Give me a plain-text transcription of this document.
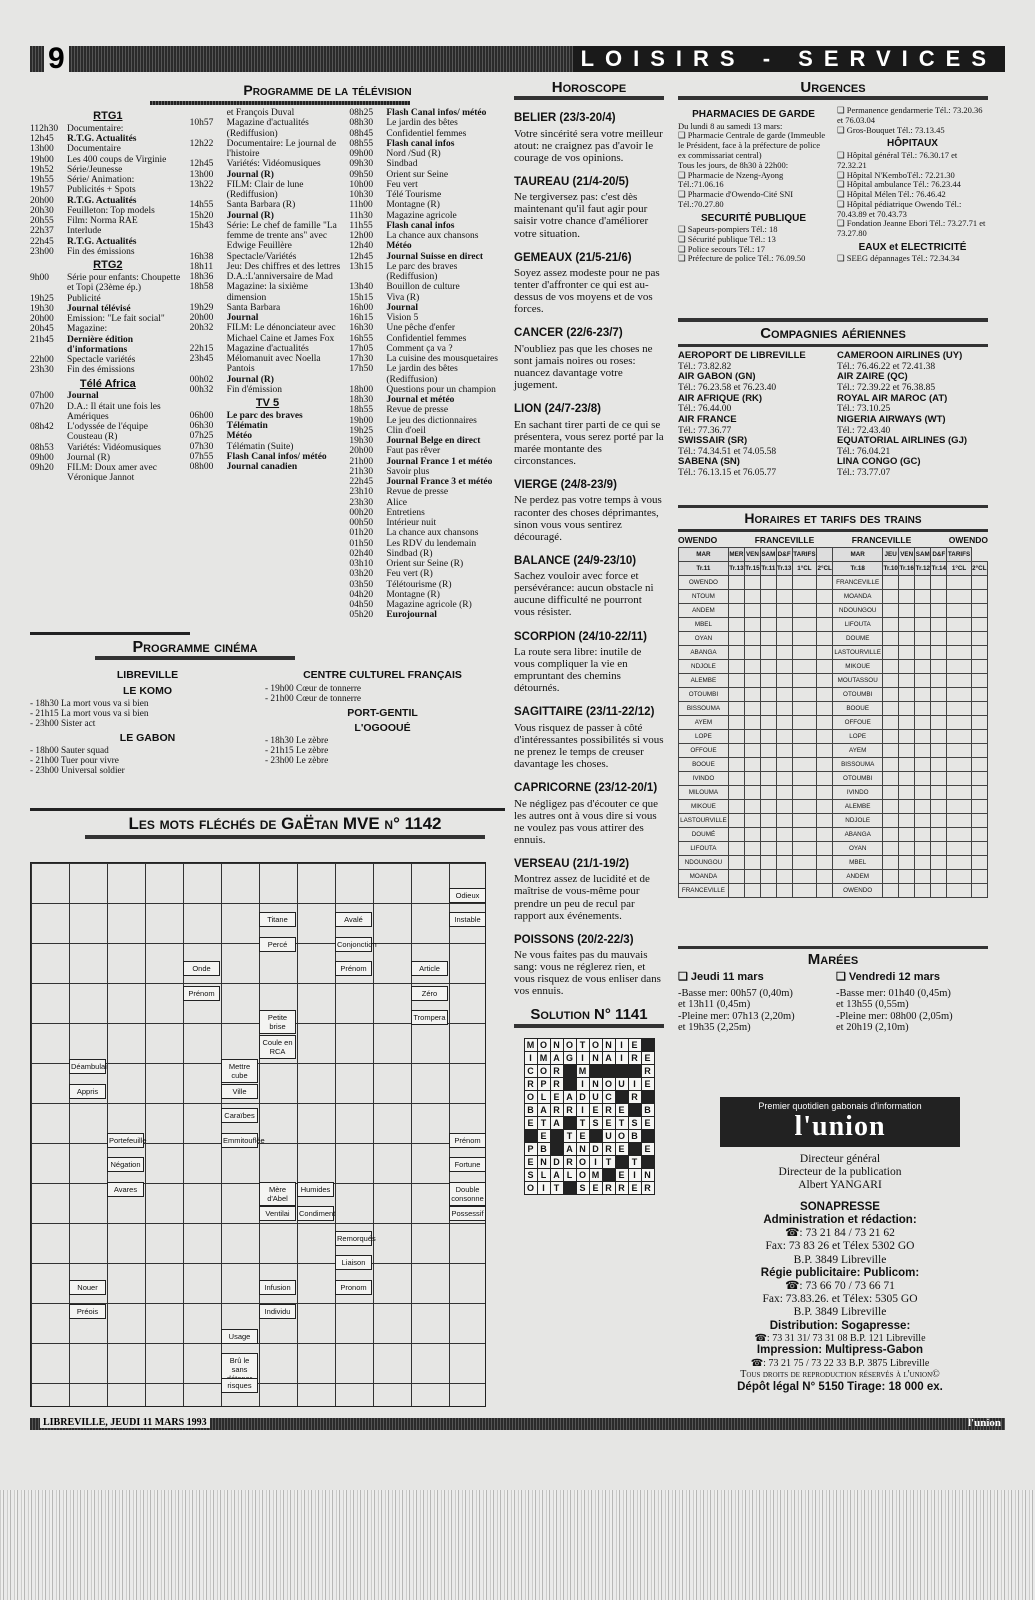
LOISIRS - SERVICES
9
Programme de la télévision
RTG1
112h30 Documentaire:
12h45	R.T.G. Actualités
13h00	Documentaire
19h00	Les 400 coups de Virginie
19h52	Série/Jeunesse
19h55	Série/ Animation:
19h57	Publicités + Spots
20h00	R.T.G. Actualités
20h30	Feuilleton: Top models
20h55	Film: Norma RAE
22h37	Interlude
22h45	R.T.G. Actualités
23h00	Fin des émissions
RTG2
9h00	Série pour enfants: Choupette et Topi (23ème ép.)
19h25	Publicité
19h30	Journal télévisé
20h00	Emission: "Le fait social"
20h45	Magazine:
21h45	Dernière édition d'informations
22h00	Spectacle variétés
23h30	Fin des émissions
Télé Africa
07h00	Journal
07h20	D.A.: Il était une fois les Amériques
08h42	L'odyssée de l'équipe Cousteau (R)
08h53	Variétés: Vidéomusiques
09h00	Journal (R)
09h20	FILM: Doux amer avec Véronique Jannot
et François Duval
10h57	Magazine d'actualités (Rediffusion)
12h22	Documentaire: Le journal de l'histoire
12h45	Variétés: Vidéomusiques
13h00	Journal (R)
13h22	FILM: Clair de lune (Rediffusion)
14h55	Santa Barbara (R)
15h20	Journal (R)
15h43	Série: Le chef de famille "La femme de trente ans" avec Edwige Feuillère
16h38	Spectacle/Variétés
18h11	Jeu: Des chiffres et des lettres
18h36	D.A.:L'anniversaire de Mad
18h58	Magazine: la sixième dimension
19h29	Santa Barbara
20h00	Journal
20h32	FILM: Le dénonciateur avec Michael Caine et James Fox
22h15	Magazine d'actualités
23h45	Mélomanuit avec Noella Pantois
00h02	Journal (R)
00h32	Fin d'émission
TV 5
06h00	Le parc des braves
06h30	Télématin
07h25	Météo
07h30	Télématin (Suite)
07h55	Flash Canal infos/ météo
08h00	Journal canadien
08h25	Flash Canal infos/ météo
08h30	Le jardin des bêtes
08h45	Confidentiel femmes
08h55	Flash canal infos
09h00	Nord /Sud (R)
09h30	Sindbad
09h50	Orient sur Seine
10h00	Feu vert
10h30	Télé Tourisme
11h00	Montagne (R)
11h30	Magazine agricole
11h55	Flash canal infos
12h00	La chance aux chansons
12h40	Météo
12h45	Journal Suisse en direct
13h15	Le parc des braves (Rediffusion)
13h40	Bouillon de culture
15h15	Viva (R)
16h00	Journal
16h15	Vision 5
16h30	Une pêche d'enfer
16h55	Confidentiel femmes
17h05	Comment ça va ?
17h30	La cuisine des mousquetaires
17h50	Le jardin des bêtes (Rediffusion)
18h00	Questions pour un champion
18h30	Journal et météo
18h55	Revue de presse
19h00	Le jeu des dictionnaires
19h25	Clin d'oeil
19h30	Journal Belge en direct
20h00	Faut pas rêver
21h00	Journal France 1 et météo
21h30	Savoir plus
22h45	Journal France 3 et météo
23h10	Revue de presse
23h30	Alice
00h20	Entretiens
00h50	Intérieur nuit
01h20	La chance aux chansons
01h50	Les RDV du lendemain
02h40	Sindbad (R)
03h10	Orient sur Seine (R)
03h20	Feu vert (R)
03h50	Télétourisme (R)
04h20	Montagne (R)
04h50	Magazine agricole (R)
05h20	Eurojournal
Programme cinéma
LIBREVILLE
LE KOMO
- 18h30 La mort vous va si bien
- 21h15 La mort vous va si bien
- 23h00 Sister act
LE GABON
- 18h00 Sauter squad
- 21h00 Tuer pour vivre
- 23h00 Universal soldier
CENTRE CULTUREL FRANÇAIS
- 19h00 Cœur de tonnerre
- 21h00 Cœur de tonnerre
PORT-GENTIL
L'OGOOUÉ
- 18h30 Le zèbre
- 21h15 Le zèbre
- 23h00 Le zèbre
Les mots fléchés de GaËtan MVE n° 1142
Odieux
Instable
Titane
Percé
Avalé
Conjonction
Prénom
Onde
Prénom
Article
Zéro
Trompera
Petite brise
Coule en RCA
Déambulai
Appris
Mettre cube
Ville
Caraïbes
Emmitouflée
Portefeuille
Négation
Avares	Mère d'Abel
Ventilai
Humides
Condiment
Remorqués
Liaison
Pronom
Prénom
Fortune
Double consonne
Possessif
Nouer
Préois
Infusion
Individu
Usage
Brû le sans
risques
Horoscope
BELIER (23/3-20/4)
Votre sincérité sera votre meilleur atout: ne craignez pas d'avoir le courage de vos opinions.
TAUREAU (21/4-20/5)
Ne tergiversez pas: c'est dès maintenant qu'il faut agir pour saisir votre chance d'améliorer votre situation.
GEMEAUX (21/5-21/6)
Soyez assez modeste pour ne pas tenter d'affronter ce qui est au-dessus de vos moyens et de vos forces.
CANCER (22/6-23/7)
N'oubliez pas que les choses ne sont jamais noires ou roses: nuancez davantage votre jugement.
LION (24/7-23/8)
En sachant tirer parti de ce qui se présentera, vous serez porté par la marée montante des circonstances.
VIERGE (24/8-23/9)
Ne perdez pas votre temps à vous raconter des choses déprimantes, sinon vous vous sentirez découragé.
BALANCE (24/9-23/10)
Sachez vouloir avec force et persévérance: aucun obstacle ni aucune difficulté ne pourront vous résister.
SCORPION (24/10-22/11)
La route sera libre: inutile de vous compliquer la vie en empruntant des chemins détournés.
SAGITTAIRE (23/11-22/12)
Vous risquez de passer à côté d'intéressantes possibilités si vous ne prenez le temps de creuser davantage les choses.
CAPRICORNE (23/12-20/1)
Ne négligez pas d'écouter ce que les autres ont à vous dire si vous ne voulez pas vous attirer des ennuis.
VERSEAU (21/1-19/2)
Montrez assez de lucidité et de maîtrise de vous-même pour prendre un peu de recul par rapport aux événements.
POISSONS (20/2-22/3)
Ne vous faites pas du mauvais sang: vous ne réglerez rien, et vous risquez de vous enliser dans vos ennuis.
Solution N° 1141
M	O	N	O	T	O	N	I	E	
I	M	A	G	I	N	A	I	R	E
C	O	R		M					R
R	P	R		I	N	O	U	I	E
O	L	E	A	D	U	C		R	
B	A	R	R	I	E	R	E		B
E	T	A		T	S	E	T	S	E
	E		T	E		U	O	B	
P	B		A	N	D	R	E		E
E	N	D	R	O	I	T		T	
S	L	A	L	O	M		E	I	N
O	I	T		S	E	R	R	E	R
Urgences
PHARMACIES DE GARDE
Du lundi 8 au samedi 13 mars:
❑ Pharmacie Centrale de garde (Immeuble le Président, face à la préfecture de police ex commissariat central)
Tous les jours, de 8h30 à 22h00:
❑ Pharmacie de Nzeng-Ayong Tél.:71.06.16
❑ Pharmacie d'Owendo-Cité SNI Tél.:70.27.80
SECURITÉ PUBLIQUE
❑ Sapeurs-pompiers Tél.: 18
❑ Sécurité publique Tél.: 13
❑ Police secours Tél.: 17
❑ Préfecture de police Tél.: 76.09.50
❑ Permanence gendarmerie Tél.: 73.20.36 et 76.03.04
❑ Gros-Bouquet Tél.: 73.13.45
HÔPITAUX
❑ Hôpital général Tél.: 76.30.17 et 72.32.21
❑ Hôpital N'KemboTél.: 72.21.30
❑ Hôpital ambulance Tél.: 76.23.44
❑ Hôpital Mélen Tél.: 76.46.42
❑ Hôpital pédiatrique Owendo Tél.: 70.43.89 et 70.43.73
❑ Fondation Jeanne Ebori Tél.: 73.27.71 et 73.27.80
EAUX et ELECTRICITÉ
❑ SEEG dépannages Tél.: 72.34.34
Compagnies aériennes
AEROPORT DE LIBREVILLE
Tél.: 73.82.82
AIR GABON (GN)
Tél.: 76.23.58 et 76.23.40
AIR AFRIQUE (RK)
Tél.: 76.44.00
AIR FRANCE
Tél.: 77.36.77
SWISSAIR (SR)
Tél.: 74.34.51 et 74.05.58
SABENA (SN)
Tél.: 76.13.15 et 76.05.77
CAMEROON AIRLINES (UY)
Tél.: 76.46.22 et 72.41.38
AIR ZAIRE (QC)
Tél.: 72.39.22 et 76.38.85
ROYAL AIR MAROC (AT)
Tél.: 73.10.25
NIGERIA AIRWAYS (WT)
Tél.: 72.43.40
EQUATORIAL AIRLINES (GJ)
Tél.: 76.04.21
LINA CONGO (GC)
Tél.: 73.77.07
Horaires et tarifs des trains
OWENDO	FRANCEVILLE	FRANCEVILLE	OWENDO
MAR	MER	VEN	SAM	D&F	TARIFS		MAR	JEU	VEN	SAM	D&F	TARIFS	
Tr.11	Tr.13	Tr.15	Tr.11	Tr.13	1°CL	2°CL	Tr.18	Tr.10	Tr.16	Tr.12	Tr.14	1°CL	2°CL
OWENDO							FRANCEVILLE						
NTOUM							MOANDA						
ANDEM							NDOUNGOU						
MBEL							LIFOUTA						
OYAN							DOUME						
ABANGA							LASTOURVILLE						
NDJOLE							MIKOUE						
ALEMBE							MOUTASSOU						
OTOUMBI							OTOUMBI						
BISSOUMA							BOOUE						
AYEM							OFFOUE						
LOPE							LOPE						
OFFOUE							AYEM						
BOOUE							BISSOUMA						
IVINDO							OTOUMBI						
MILOUMA							IVINDO						
MIKOUE							ALEMBE						
LASTOURVILLE							NDJOLE						
DOUMÉ							ABANGA						
LIFOUTA							OYAN						
NDOUNGOU							MBEL						
MOANDA							ANDEM						
FRANCEVILLE							OWENDO						
Marées
❑ Jeudi 11 mars
-Basse mer: 00h57 (0,40m)
et 13h11 (0,45m)
-Pleine mer: 07h13 (2,20m)
et 19h35 (2,25m)
❑ Vendredi 12 mars
-Basse mer: 01h40 (0,45m)
et 13h55 (0,55m)
-Pleine mer: 08h00 (2,05m)
et 20h19 (2,10m)
Premier quotidien gabonais d'information
l'union
Directeur général
Directeur de la publication
Albert YANGARI
SONAPRESSE
Administration et rédaction:
☎: 73 21 84 / 73 21 62
Fax: 73 83 26 et Télex 5302 GO
B.P. 3849 Libreville
Régie publicitaire: Publicom:
☎: 73 66 70 / 73 66 71
Fax: 73.83.26. et Télex: 5305 GO
B.P. 3849 Libreville
Distribution: Sogapresse:
☎: 73 31 31/ 73 31 08 B.P. 121 Libreville
Impression: Multipress-Gabon
☎: 73 21 75 / 73 22 33 B.P. 3875 Libreville
Tous droits de reproduction réservés à l'union©
Dépôt légal N° 5150 Tirage: 18 000 ex.
LIBREVILLE, JEUDI 11 MARS 1993	l'union
